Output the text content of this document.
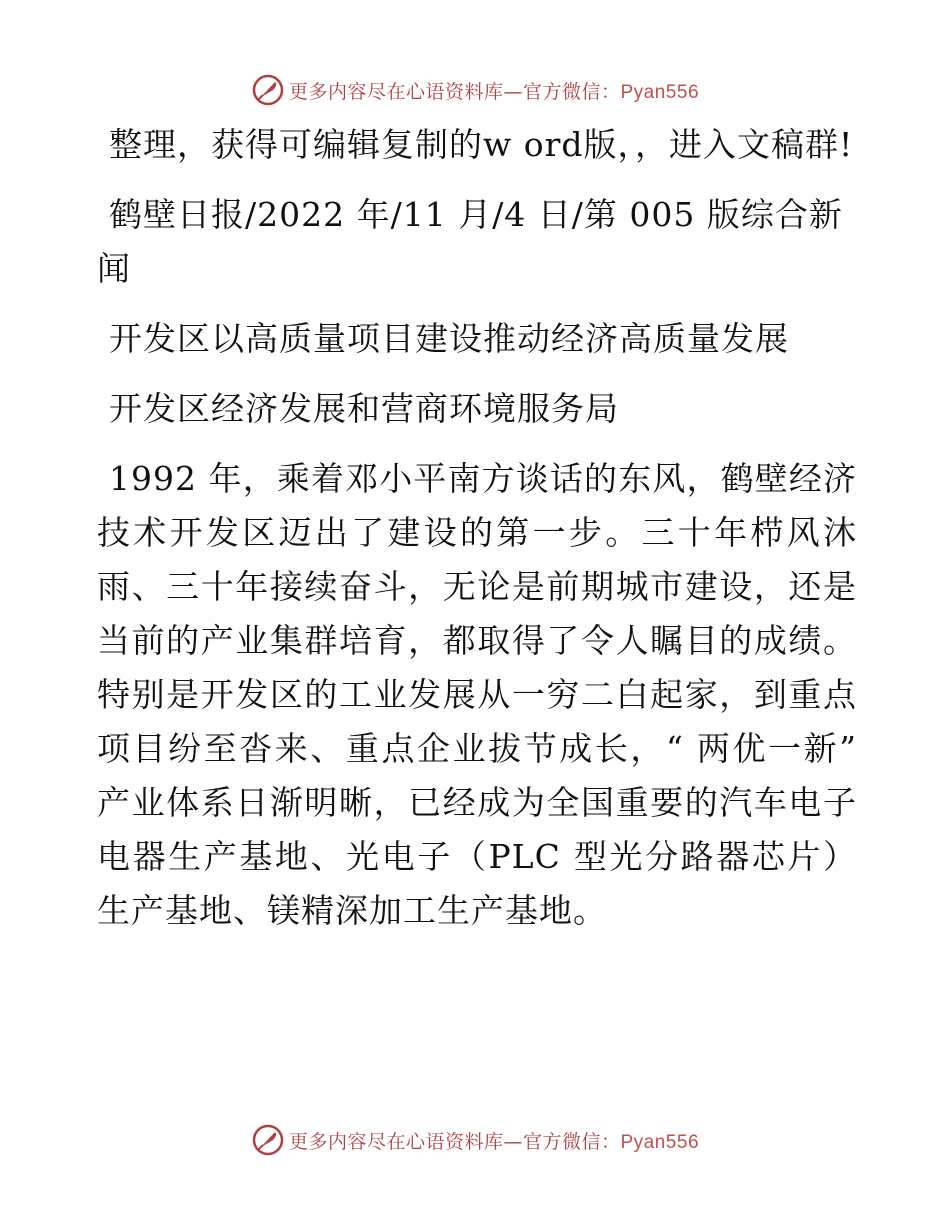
更多内容尽在心语资料库—官方微信：Pyan556

整理，获得可编辑复制的w ord版，，进入文稿群!

鹤壁日报/2022 年/11 月/4 日/第 005 版综合新闻

开发区以高质量项目建设推动经济高质量发展

开发区经济发展和营商环境服务局

1992 年，乘着邓小平南方谈话的东风，鹤壁经济技术开发区迈出了建设的第一步。三十年栉风沐雨、三十年接续奋斗，无论是前期城市建设，还是当前的产业集群培育，都取得了令人瞩目的成绩。特别是开发区的工业发展从一穷二白起家，到重点项目纷至沓来、重点企业拔节成长，“ 两优一新” 产业体系日渐明晰，已经成为全国重要的汽车电子电器生产基地、光电子（PLC 型光分路器芯片）生产基地、镁精深加工生产基地。

更多内容尽在心语资料库—官方微信：Pyan556
